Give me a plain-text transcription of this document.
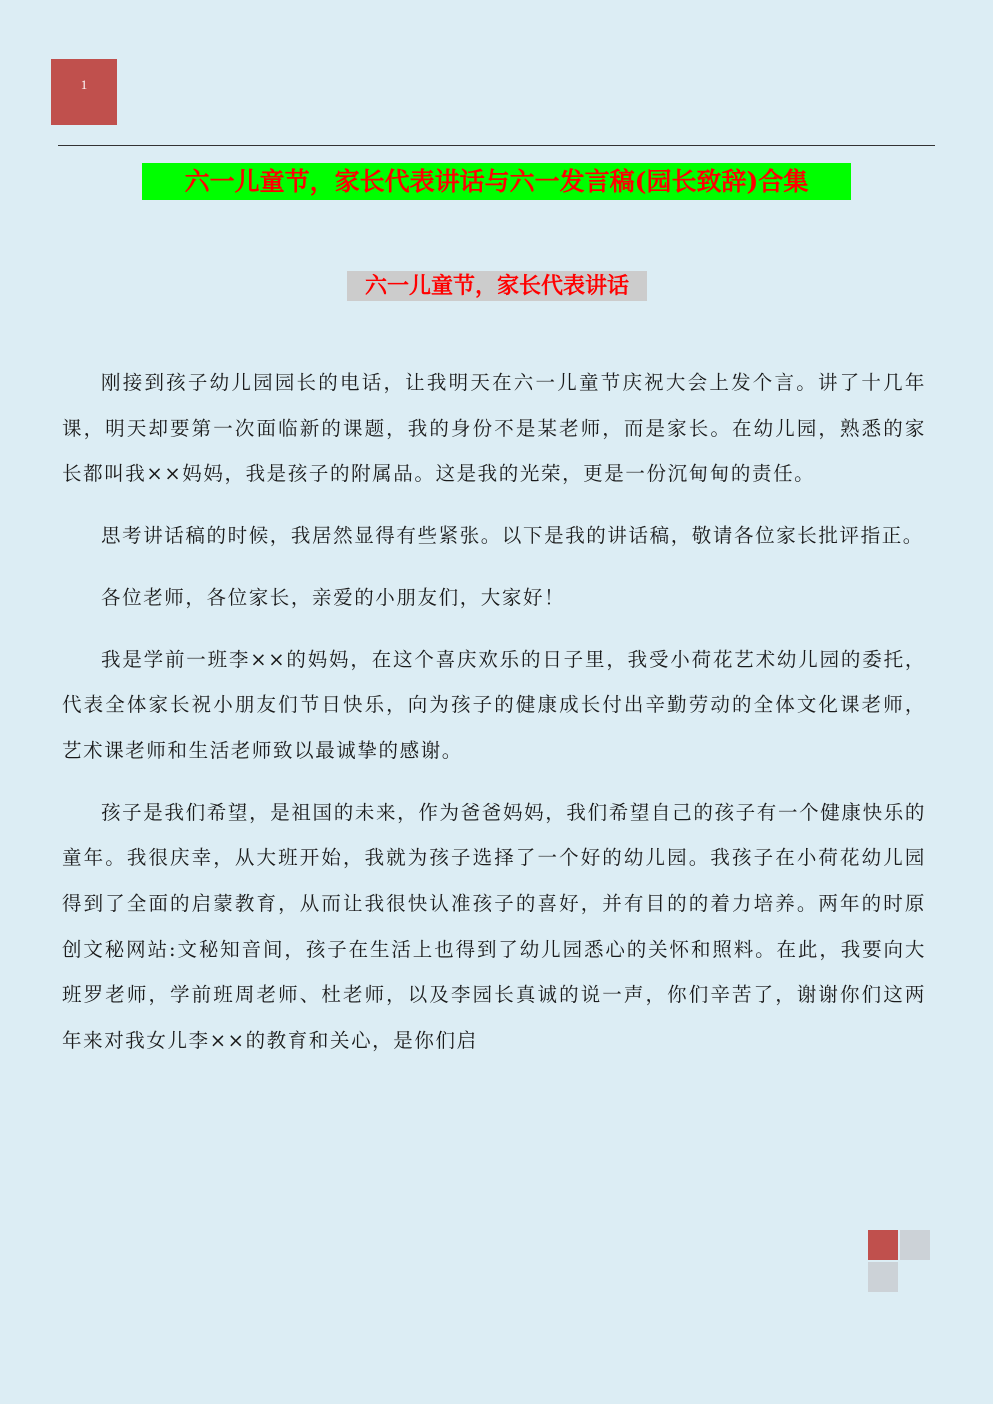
1
六一儿童节，家长代表讲话与六一发言稿(园长致辞)合集
六一儿童节，家长代表讲话

刚接到孩子幼儿园园长的电话，让我明天在六一儿童节庆祝大会上发个言。讲了十几年课，明天却要第一次面临新的课题，我的身份不是某老师，而是家长。在幼儿园，熟悉的家长都叫我××妈妈，我是孩子的附属品。这是我的光荣，更是一份沉甸甸的责任。

思考讲话稿的时候，我居然显得有些紧张。以下是我的讲话稿，敬请各位家长批评指正。

各位老师，各位家长，亲爱的小朋友们，大家好！

我是学前一班李××的妈妈，在这个喜庆欢乐的日子里，我受小荷花艺术幼儿园的委托，代表全体家长祝小朋友们节日快乐，向为孩子的健康成长付出辛勤劳动的全体文化课老师，艺术课老师和生活老师致以最诚挚的感谢。

孩子是我们希望，是祖国的未来，作为爸爸妈妈，我们希望自己的孩子有一个健康快乐的童年。我很庆幸，从大班开始，我就为孩子选择了一个好的幼儿园。我孩子在小荷花幼儿园得到了全面的启蒙教育，从而让我很快认准孩子的喜好，并有目的的着力培养。两年的时原创文秘网站:文秘知音间，孩子在生活上也得到了幼儿园悉心的关怀和照料。在此，我要向大班罗老师，学前班周老师、杜老师，以及李园长真诚的说一声，你们辛苦了，谢谢你们这两年来对我女儿李××的教育和关心，是你们启
